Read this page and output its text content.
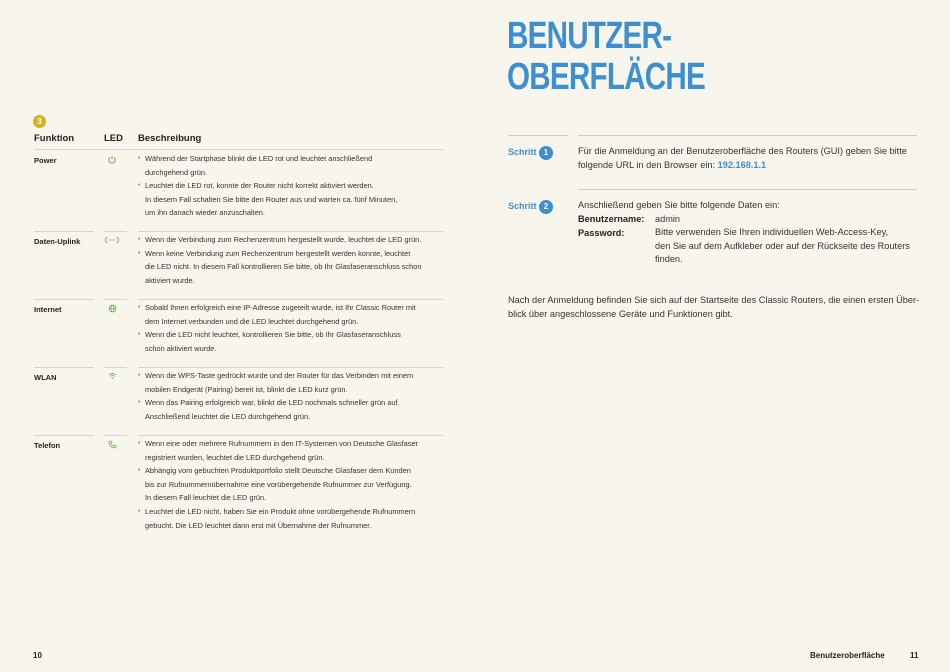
3
Funktion	LED Beschreibung

Power	• Während der Startphase blinkt die LED rot und leuchtet anschließend
durchgehend grün.
• Leuchtet die LED rot, konnte der Router nicht korrekt aktiviert werden.
In diesem Fall schalten Sie bitte den Router aus und warten ca. fünf Minuten,
um ihn danach wieder anzuschalten.
Daten-Uplink	• Wenn die Verbindung zum Rechenzentrum hergestellt wurde, leuchtet die LED grün.
• Wenn keine Verbindung zum Rechenzentrum hergestellt werden konnte, leuchtet
die LED nicht. In diesem Fall kontrollieren Sie bitte, ob Ihr Glasfaseranschluss schon
aktiviert wurde.
Internet	• Sobald Ihnen erfolgreich eine IP-Adresse zugeteilt wurde, ist Ihr Classic Router mit
dem Internet verbunden und die LED leuchtet durchgehend grün.
• Wenn die LED nicht leuchtet, kontrollieren Sie bitte, ob Ihr Glasfaseranschluss
schon aktiviert wurde.
WLAN	• Wenn die WPS-Taste gedrückt wurde und der Router für das Verbinden mit einem
mobilen Endgerät (Pairing) bereit ist, blinkt die LED kurz grün.
• Wenn das Pairing erfolgreich war, blinkt die LED nochmals schneller grün auf.
Anschließend leuchtet die LED durchgehend grün.
Telefon	• Wenn eine oder mehrere Rufnummern in den IT-Systemen von Deutsche Glasfaser
registriert wurden, leuchtet die LED durchgehend grün.
• Abhängig vom gebuchten Produktportfolio stellt Deutsche Glasfaser dem Kunden
bis zur Rufnummernübernahme eine vorübergehende Rufnummer zur Verfügung.
In diesem Fall leuchtet die LED grün.
• Leuchtet die LED nicht, haben Sie ein Produkt ohne vorübergehende Rufnummern
gebucht. Die LED leuchtet dann erst mit Übernahme der Rufnummer.
10
BENUTZER-
OBERFLÄCHE
Schritt 1	Für die Anmeldung an der Benutzeroberfläche des Routers (GUI) geben Sie bitte
folgende URL in den Browser ein: 192.168.1.1
Schritt 2	Anschließend geben Sie bitte folgende Daten ein:
Benutzername: admin
Password:	Bitte verwenden Sie Ihren individuellen Web-Access-Key,
den Sie auf dem Aufkleber oder auf der Rückseite des Routers
finden.
Nach der Anmeldung befinden Sie sich auf der Startseite des Classic Routers, die einen ersten Über-
blick über angeschlossene Geräte und Funktionen gibt.
Benutzeroberfläche	11
